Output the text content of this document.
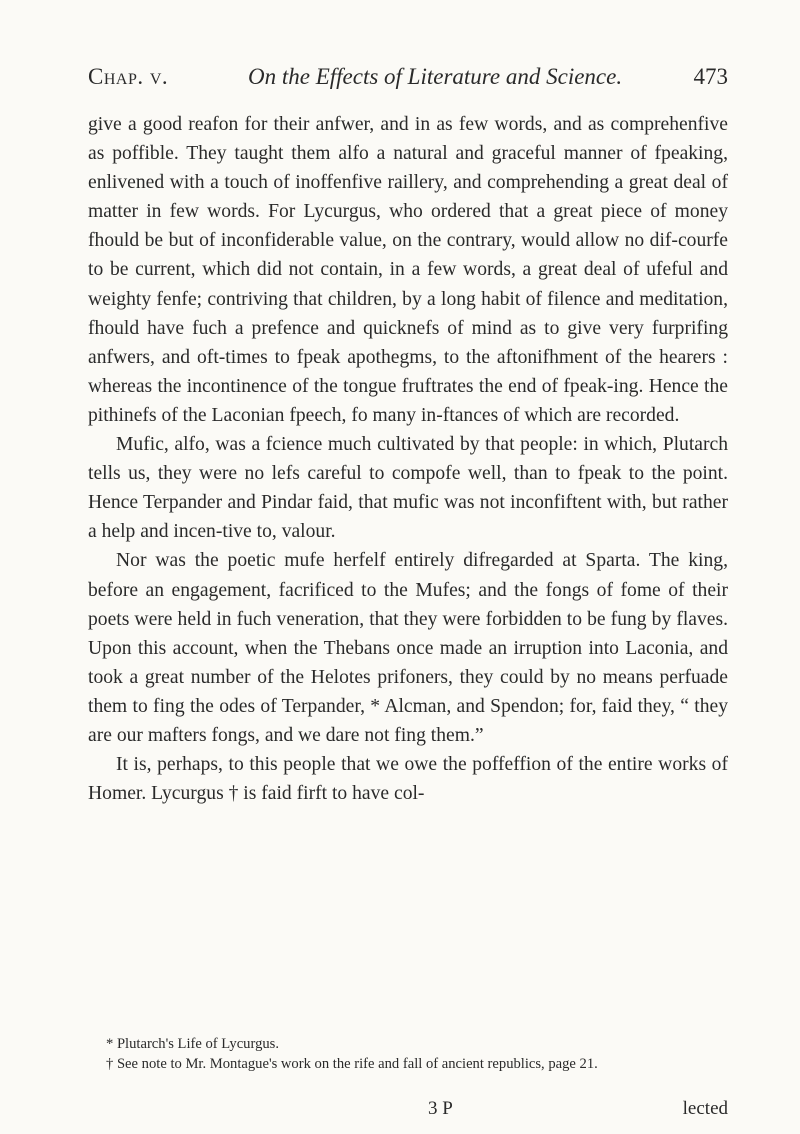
Chap. v.	On the Effects of Literature and Science.	473

give a good reafon for their anfwer, and in as few words, and as comprehenfive as poffible. They taught them alfo a natural and graceful manner of fpeaking, enlivened with a touch of inoffenfive raillery, and comprehending a great deal of matter in few words. For Lycurgus, who ordered that a great piece of money fhould be but of inconfiderable value, on the contrary, would allow no dif-courfe to be current, which did not contain, in a few words, a great deal of ufeful and weighty fenfe; contriving that children, by a long habit of filence and meditation, fhould have fuch a prefence and quicknefs of mind as to give very furprifing anfwers, and oft-times to fpeak apothegms, to the aftonifhment of the hearers : whereas the incontinence of the tongue fruftrates the end of fpeak-ing. Hence the pithinefs of the Laconian fpeech, fo many in-ftances of which are recorded.

Mufic, alfo, was a fcience much cultivated by that people: in which, Plutarch tells us, they were no lefs careful to compofe well, than to fpeak to the point. Hence Terpander and Pindar faid, that mufic was not inconfiftent with, but rather a help and incen-tive to, valour.

Nor was the poetic mufe herfelf entirely difregarded at Sparta. The king, before an engagement, facrificed to the Mufes; and the fongs of fome of their poets were held in fuch veneration, that they were forbidden to be fung by flaves. Upon this account, when the Thebans once made an irruption into Laconia, and took a great number of the Helotes prifoners, they could by no means perfuade them to fing the odes of Terpander, * Alcman, and Spendon; for, faid they, “ they are our mafters fongs, and we dare not fing them.”

It is, perhaps, to this people that we owe the poffeffion of the entire works of Homer. Lycurgus † is faid firft to have col-

* Plutarch's Life of Lycurgus.

† See note to Mr. Montague's work on the rife and fall of ancient republics, page 21.

3 P	lected
